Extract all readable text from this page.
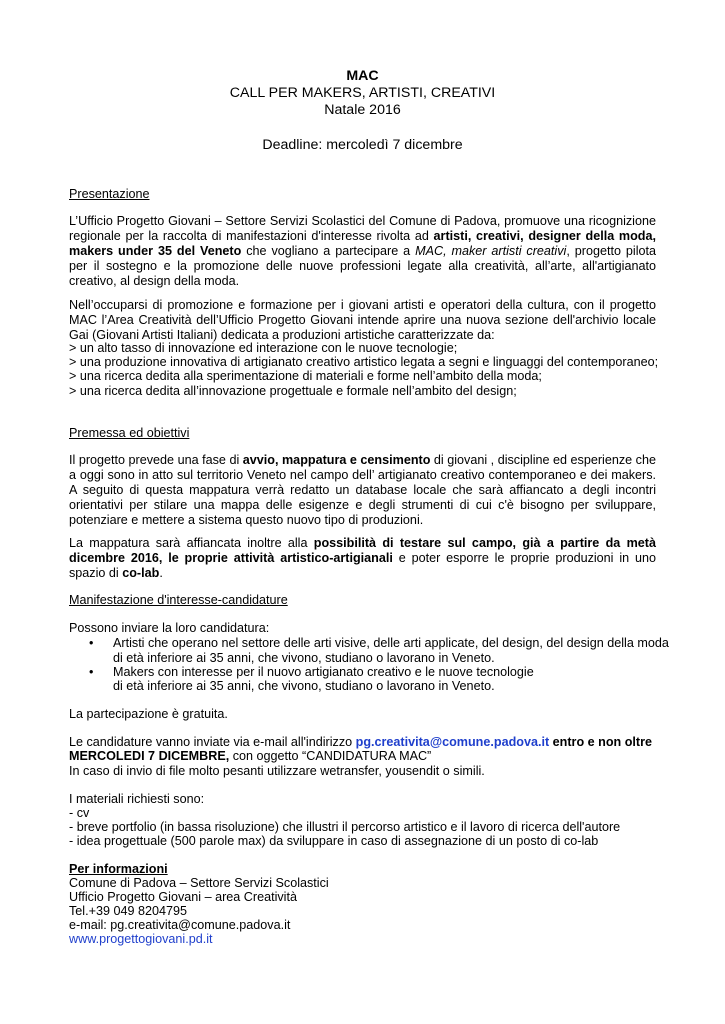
MAC
CALL PER MAKERS, ARTISTI, CREATIVI
Natale 2016
Deadline: mercoledì 7 dicembre
Presentazione
L’Ufficio Progetto Giovani – Settore Servizi Scolastici del Comune di Padova, promuove una ricognizione regionale per la raccolta di manifestazioni d'interesse rivolta ad artisti, creativi, designer della moda, makers under 35 del Veneto che vogliano a partecipare a MAC, maker artisti creativi, progetto pilota per il sostegno e la promozione delle nuove professioni legate alla creatività, all’arte, all'artigianato creativo, al design della moda.
Nell’occuparsi di promozione e formazione per i giovani artisti e operatori della cultura, con il progetto MAC l’Area Creatività dell’Ufficio Progetto Giovani intende aprire una nuova sezione dell'archivio locale Gai (Giovani Artisti Italiani) dedicata a produzioni artistiche caratterizzate da:
> un alto tasso di innovazione ed interazione con le nuove tecnologie;
> una produzione innovativa di artigianato creativo artistico legata a segni e linguaggi del contemporaneo;
> una ricerca dedita alla sperimentazione di materiali e forme nell’ambito della moda;
> una ricerca dedita all’innovazione progettuale e formale nell’ambito del design;
Premessa ed obiettivi
Il progetto prevede una fase di avvio, mappatura e censimento di giovani , discipline ed esperienze che a oggi sono in atto sul territorio Veneto nel campo dell’ artigianato creativo contemporaneo e dei makers. A seguito di questa mappatura verrà redatto un database locale che sarà affiancato a degli incontri orientativi per stilare una mappa delle esigenze e degli strumenti di cui c'è bisogno per sviluppare, potenziare e mettere a sistema questo nuovo tipo di produzioni.
La mappatura sarà affiancata inoltre alla possibilità di testare sul campo, già a partire da metà dicembre 2016, le proprie attività artistico-artigianali e poter esporre le proprie produzioni in uno spazio di co-lab.
Manifestazione d'interesse-candidature
Possono inviare la loro candidatura:
• Artisti che operano nel settore delle arti visive, delle arti applicate, del design, del design della moda
di età inferiore ai 35 anni, che vivono, studiano o lavorano in Veneto.
• Makers con interesse per il nuovo artigianato creativo e le nuove tecnologie
di età inferiore ai 35 anni, che vivono, studiano o lavorano in Veneto.
La partecipazione è gratuita.
Le candidature vanno inviate via e-mail all'indirizzo pg.creativita@comune.padova.it entro e non oltre
MERCOLEDI 7 DICEMBRE, con oggetto “CANDIDATURA MAC”
In caso di invio di file molto pesanti utilizzare wetransfer, yousendit o simili.
I materiali richiesti sono:
- cv
- breve portfolio (in bassa risoluzione) che illustri il percorso artistico e il lavoro di ricerca dell'autore
- idea progettuale (500 parole max) da sviluppare in caso di assegnazione di un posto di co-lab
Per informazioni
Comune di Padova – Settore Servizi Scolastici
Ufficio Progetto Giovani – area Creatività
Tel.+39 049 8204795
e-mail: pg.creativita@comune.padova.it
www.progettogiovani.pd.it
